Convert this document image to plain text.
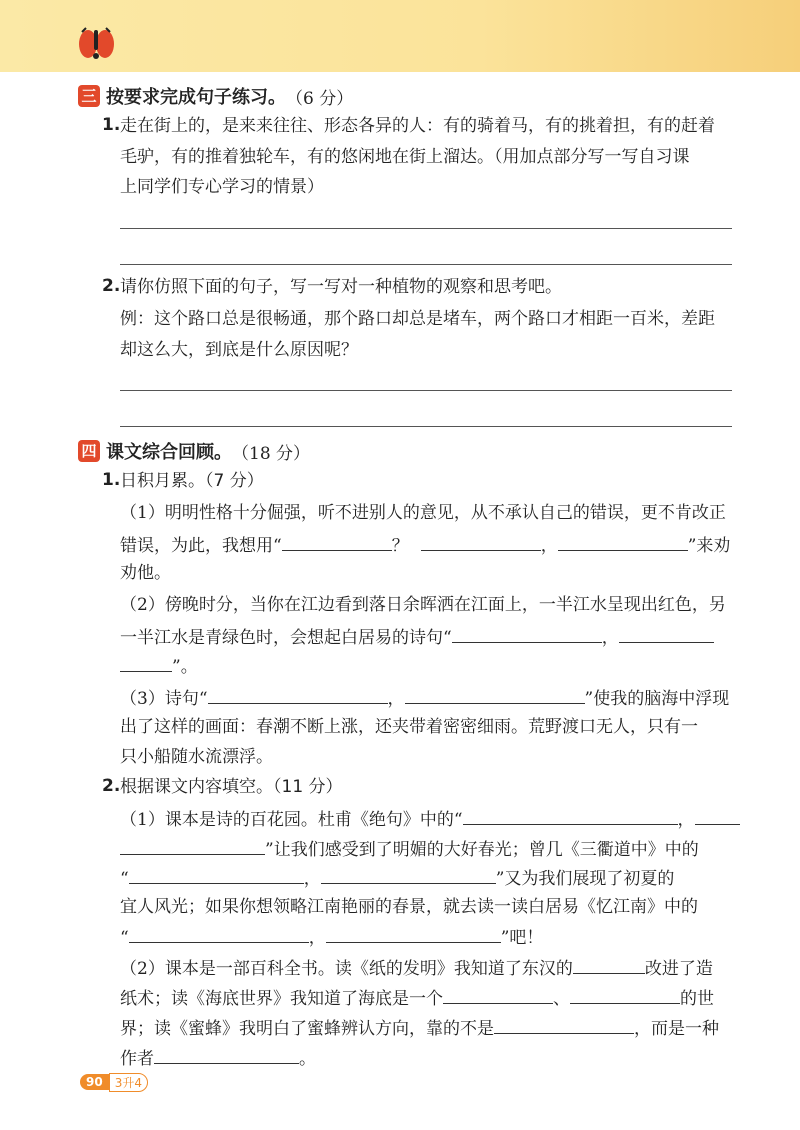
三 按要求完成句子练习。 （6 分）
1. 走在街上的，是来来往往、形态各异的人：有的骑着马，有的挑着担，有的赶着
毛驴，有的推着独轮车，有的悠闲地在街上溜达。（用加点部分写一写自习课
上同学们专心学习的情景）
2. 请你仿照下面的句子，写一写对一种植物的观察和思考吧。
例：这个路口总是很畅通，那个路口却总是堵车，两个路口才相距一百米，差距
却这么大，到底是什么原因呢？
四 课文综合回顾。 （18 分）
1. 日积月累。（7 分）
（1）明明性格十分倔强，听不进别人的意见，从不承认自己的错误，更不肯改正
错误，为此，我想用“	？	，	”来劝
劝他。
（2）傍晚时分，当你在江边看到落日余晖洒在江面上，一半江水呈现出红色，另
一半江水是青绿色时，会想起白居易的诗句“	，
”。
（3）诗句“	，	”使我的脑海中浮现
出了这样的画面：春潮不断上涨，还夹带着密密细雨。荒野渡口无人，只有一
只小船随水流漂浮。
2. 根据课文内容填空。（11 分）
（1）课本是诗的百花园。杜甫《绝句》中的“	，
”让我们感受到了明媚的大好春光；曾几《三衢道中》中的
“	，	”又为我们展现了初夏的
宜人风光；如果你想领略江南艳丽的春景，就去读一读白居易《忆江南》中的
“	，	”吧！
（2）课本是一部百科全书。读《纸的发明》我知道了东汉的	改进了造
纸术；读《海底世界》我知道了海底是一个	、	的世
界；读《蜜蜂》我明白了蜜蜂辨认方向，靠的不是	，而是一种
作者	。
90	3升4
